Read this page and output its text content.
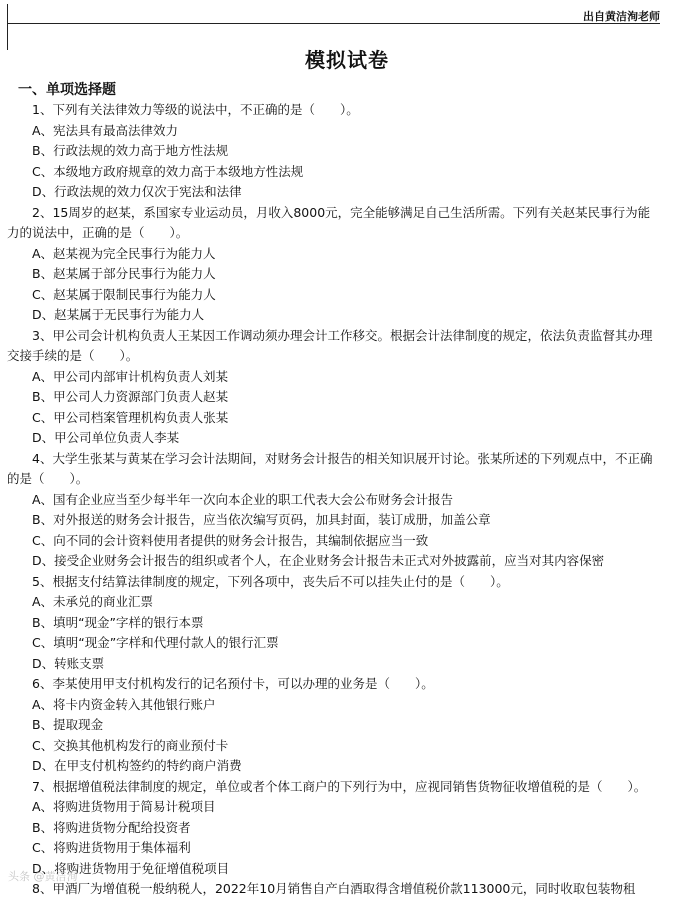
出自黄洁洵老师
模拟试卷
一、单项选择题

1、下列有关法律效力等级的说法中，不正确的是（　　）。

A、宪法具有最高法律效力

B、行政法规的效力高于地方性法规

C、本级地方政府规章的效力高于本级地方性法规

D、行政法规的效力仅次于宪法和法律

2、15周岁的赵某，系国家专业运动员，月收入8000元，完全能够满足自己生活所需。下列有关赵某民事行为能力的说法中，正确的是（　　）。

A、赵某视为完全民事行为能力人

B、赵某属于部分民事行为能力人

C、赵某属于限制民事行为能力人

D、赵某属于无民事行为能力人

3、甲公司会计机构负责人王某因工作调动须办理会计工作移交。根据会计法律制度的规定，依法负责监督其办理交接手续的是（　　）。

A、甲公司内部审计机构负责人刘某

B、甲公司人力资源部门负责人赵某

C、甲公司档案管理机构负责人张某

D、甲公司单位负责人李某

4、大学生张某与黄某在学习会计法期间，对财务会计报告的相关知识展开讨论。张某所述的下列观点中，不正确的是（　　）。

A、国有企业应当至少每半年一次向本企业的职工代表大会公布财务会计报告

B、对外报送的财务会计报告，应当依次编写页码，加具封面，装订成册，加盖公章

C、向不同的会计资料使用者提供的财务会计报告，其编制依据应当一致

D、接受企业财务会计报告的组织或者个人，在企业财务会计报告未正式对外披露前，应当对其内容保密

5、根据支付结算法律制度的规定，下列各项中，丧失后不可以挂失止付的是（　　）。

A、未承兑的商业汇票

B、填明“现金”字样的银行本票

C、填明“现金”字样和代理付款人的银行汇票

D、转账支票

6、李某使用甲支付机构发行的记名预付卡，可以办理的业务是（　　）。

A、将卡内资金转入其他银行账户

B、提取现金

C、交换其他机构发行的商业预付卡

D、在甲支付机构签约的特约商户消费

7、根据增值税法律制度的规定，单位或者个体工商户的下列行为中，应视同销售货物征收增值税的是（　　）。

A、将购进货物用于简易计税项目

B、将购进货物分配给投资者

C、将购进货物用于集体福利

D、将购进货物用于免征增值税项目

8、甲酒厂为增值税一般纳税人，2022年10月销售自产白酒取得含增值税价款113000元，同时收取包装物租

头条 @黄洁洵
